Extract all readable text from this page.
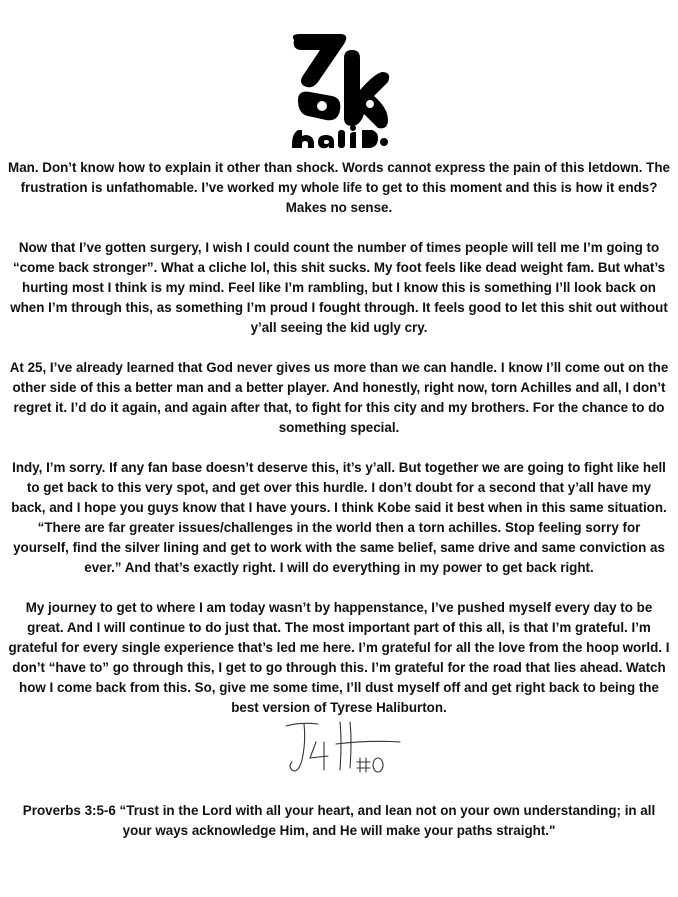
Man. Don’t know how to explain it other than shock. Words cannot express the pain of this letdown. The frustration is unfathomable. I’ve worked my whole life to get to this moment and this is how it ends? Makes no sense.

Now that I’ve gotten surgery, I wish I could count the number of times people will tell me I’m going to “come back stronger”. What a cliche lol, this shit sucks. My foot feels like dead weight fam. But what’s hurting most I think is my mind. Feel like I’m rambling, but I know this is something I’ll look back on when I’m through this, as something I’m proud I fought through. It feels good to let this shit out without y’all seeing the kid ugly cry.

At 25, I’ve already learned that God never gives us more than we can handle. I know I’ll come out on the other side of this a better man and a better player. And honestly, right now, torn Achilles and all, I don’t regret it. I’d do it again, and again after that, to fight for this city and my brothers. For the chance to do something special.

Indy, I’m sorry. If any fan base doesn’t deserve this, it’s y’all. But together we are going to fight like hell to get back to this very spot, and get over this hurdle. I don’t doubt for a second that y’all have my back, and I hope you guys know that I have yours. I think Kobe said it best when in this same situation. “There are far greater issues/challenges in the world then a torn achilles. Stop feeling sorry for yourself, find the silver lining and get to work with the same belief, same drive and same conviction as ever.” And that’s exactly right. I will do everything in my power to get back right.

My journey to get to where I am today wasn’t by happenstance, I’ve pushed myself every day to be great. And I will continue to do just that. The most important part of this all, is that I’m grateful. I’m grateful for every single experience that’s led me here. I’m grateful for all the love from the hoop world. I don’t “have to” go through this, I get to go through this. I’m grateful for the road that lies ahead. Watch how I come back from this. So, give me some time, I’ll dust myself off and get right back to being the best version of Tyrese Haliburton.

Proverbs 3:5-6 “Trust in the Lord with all your heart, and lean not on your own understanding; in all your ways acknowledge Him, and He will make your paths straight."
